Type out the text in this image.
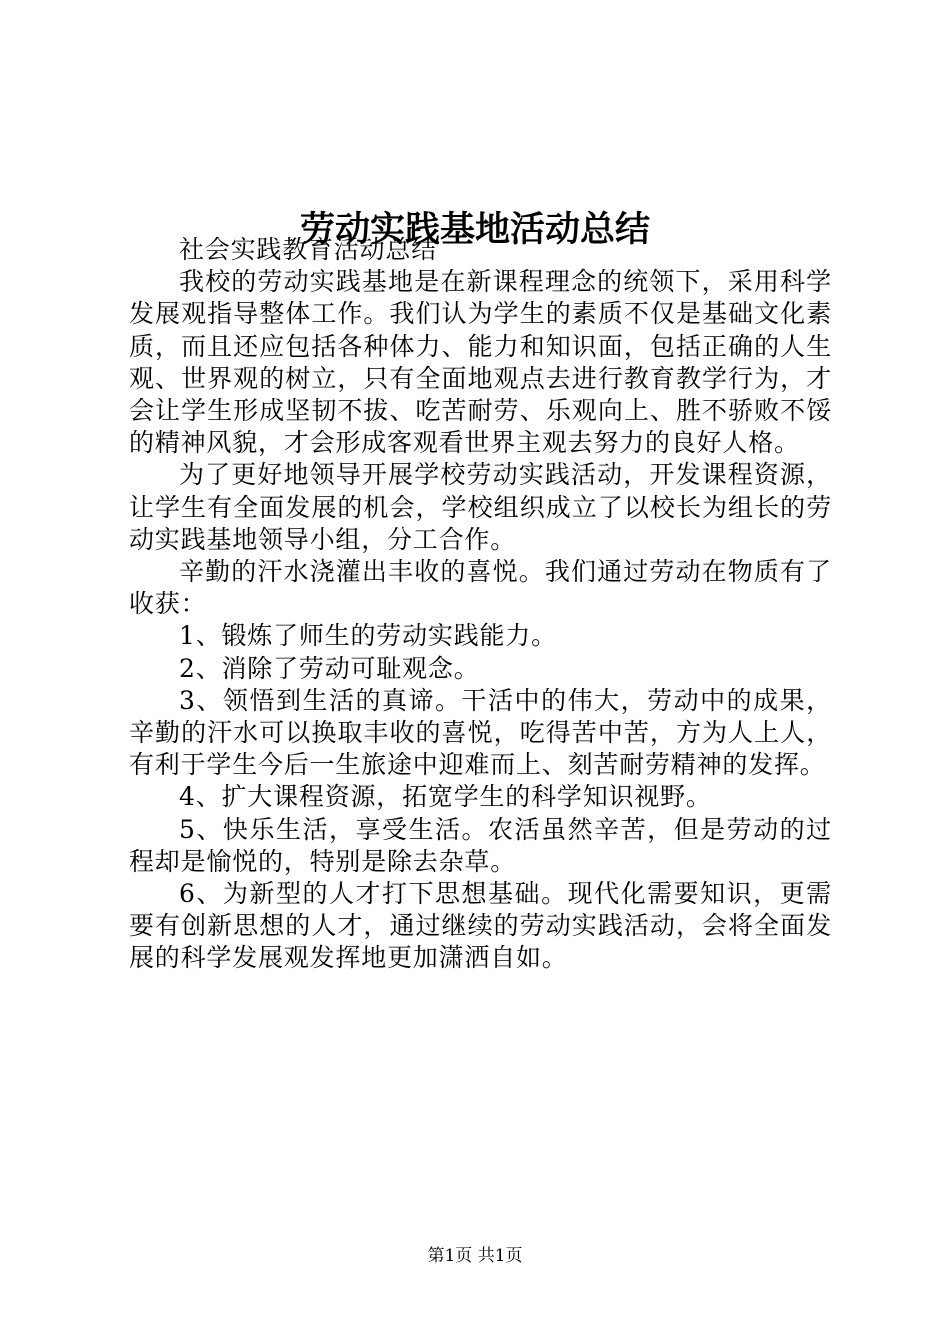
劳动实践基地活动总结

社会实践教育活动总结

我校的劳动实践基地是在新课程理念的统领下，采用科学发展观指导整体工作。我们认为学生的素质不仅是基础文化素质，而且还应包括各种体力、能力和知识面，包括正确的人生观、世界观的树立，只有全面地观点去进行教育教学行为，才会让学生形成坚韧不拔、吃苦耐劳、乐观向上、胜不骄败不馁的精神风貌，才会形成客观看世界主观去努力的良好人格。

为了更好地领导开展学校劳动实践活动，开发课程资源，让学生有全面发展的机会，学校组织成立了以校长为组长的劳动实践基地领导小组，分工合作。

辛勤的汗水浇灌出丰收的喜悦。我们通过劳动在物质有了收获：

1、锻炼了师生的劳动实践能力。

2、消除了劳动可耻观念。

3、领悟到生活的真谛。干活中的伟大，劳动中的成果，辛勤的汗水可以换取丰收的喜悦，吃得苦中苦，方为人上人，有利于学生今后一生旅途中迎难而上、刻苦耐劳精神的发挥。

4、扩大课程资源，拓宽学生的科学知识视野。

5、快乐生活，享受生活。农活虽然辛苦，但是劳动的过程却是愉悦的，特别是除去杂草。

6、为新型的人才打下思想基础。现代化需要知识，更需要有创新思想的人才，通过继续的劳动实践活动，会将全面发展的科学发展观发挥地更加潇洒自如。

第1页 共1页
